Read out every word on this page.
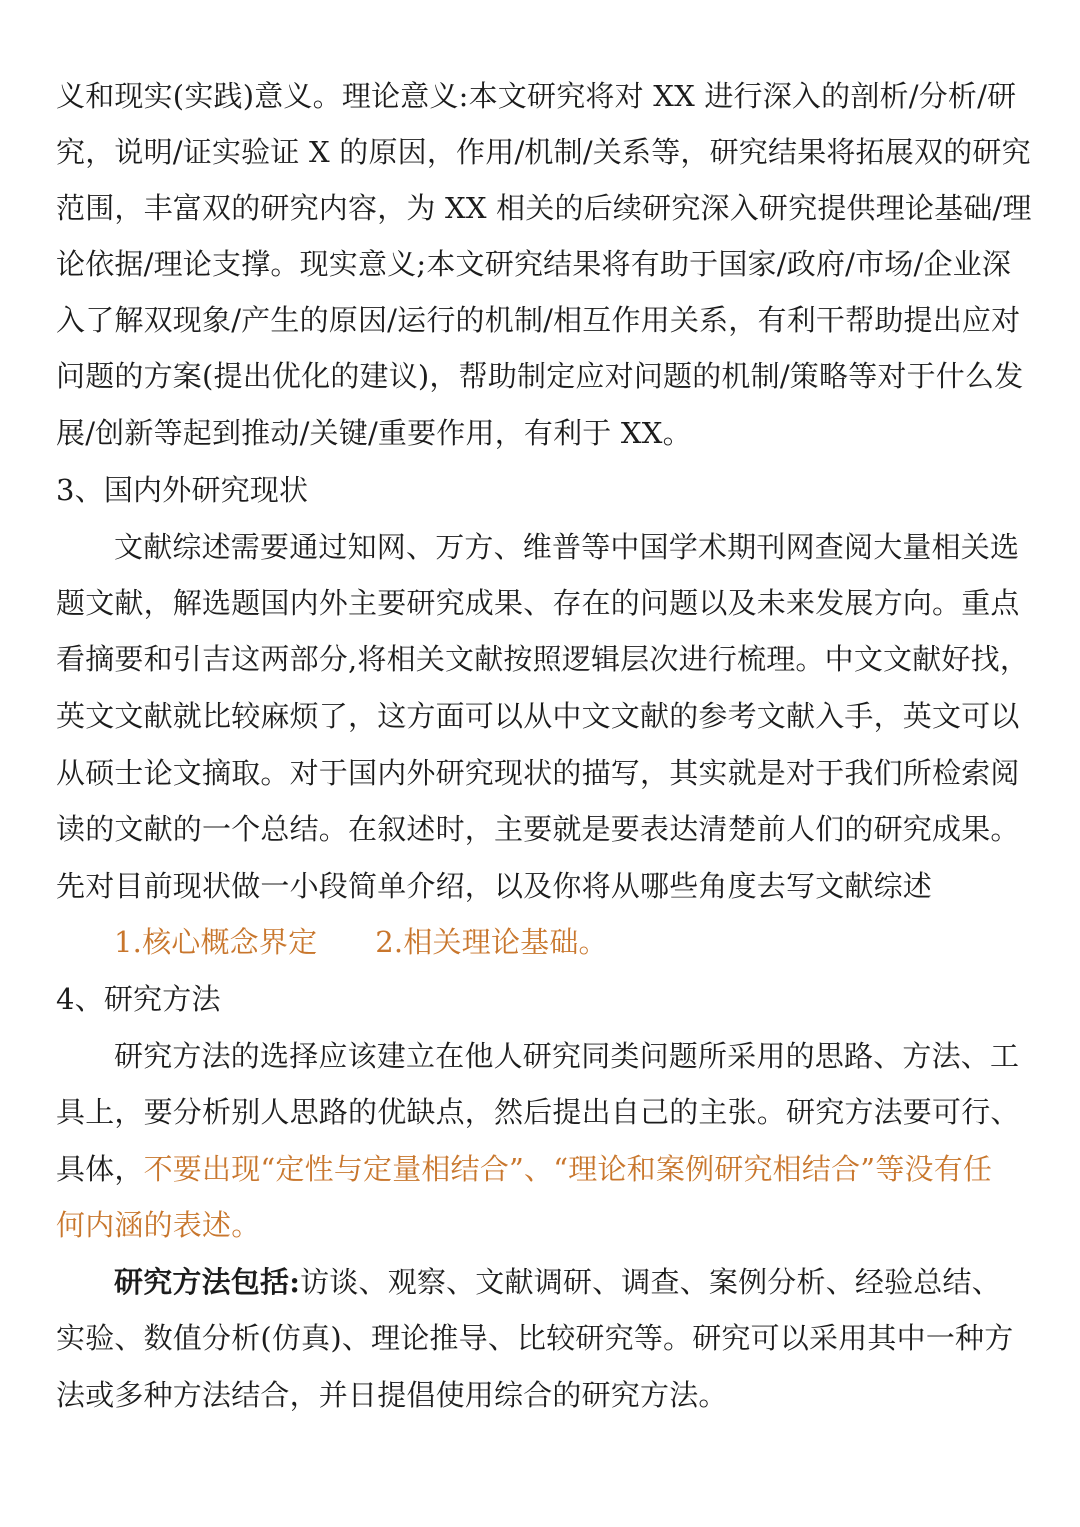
义和现实(实践)意义。理论意义:本文研究将对 XX 进行深入的剖析/分析/研
究，说明/证实验证 X 的原因，作用/机制/关系等，研究结果将拓展双的研究
范围，丰富双的研究内容，为 XX 相关的后续研究深入研究提供理论基础/理
论依据/理论支撑。现实意义;本文研究结果将有助于国家/政府/市场/企业深
入了解双现象/产生的原因/运行的机制/相互作用关系，有利干帮助提出应对
问题的方案(提出优化的建议)，帮助制定应对问题的机制/策略等对于什么发
展/创新等起到推动/关键/重要作用，有利于 XX。
3、国内外研究现状
文献综述需要通过知网、万方、维普等中国学术期刊网查阅大量相关选
题文献，解选题国内外主要研究成果、存在的问题以及未来发展方向。重点
看摘要和引吉这两部分,将相关文献按照逻辑层次进行梳理。中文文献好找，
英文文献就比较麻烦了，这方面可以从中文文献的参考文献入手，英文可以
从硕士论文摘取。对于国内外研究现状的描写，其实就是对于我们所检索阅
读的文献的一个总结。在叙述时，主要就是要表达清楚前人们的研究成果。
先对目前现状做一小段简单介绍，以及你将从哪些角度去写文献综述
1.核心概念界定 2.相关理论基础。
4、研究方法
研究方法的选择应该建立在他人研究同类问题所采用的思路、方法、工
具上，要分析别人思路的优缺点，然后提出自己的主张。研究方法要可行、
具体，不要出现“定性与定量相结合”、“理论和案例研究相结合”等没有任
何内涵的表述。
研究方法包括:访谈、观察、文献调研、调查、案例分析、经验总结、
实验、数值分析(仿真)、理论推导、比较研究等。研究可以采用其中一种方
法或多种方法结合，并日提倡使用综合的研究方法。
